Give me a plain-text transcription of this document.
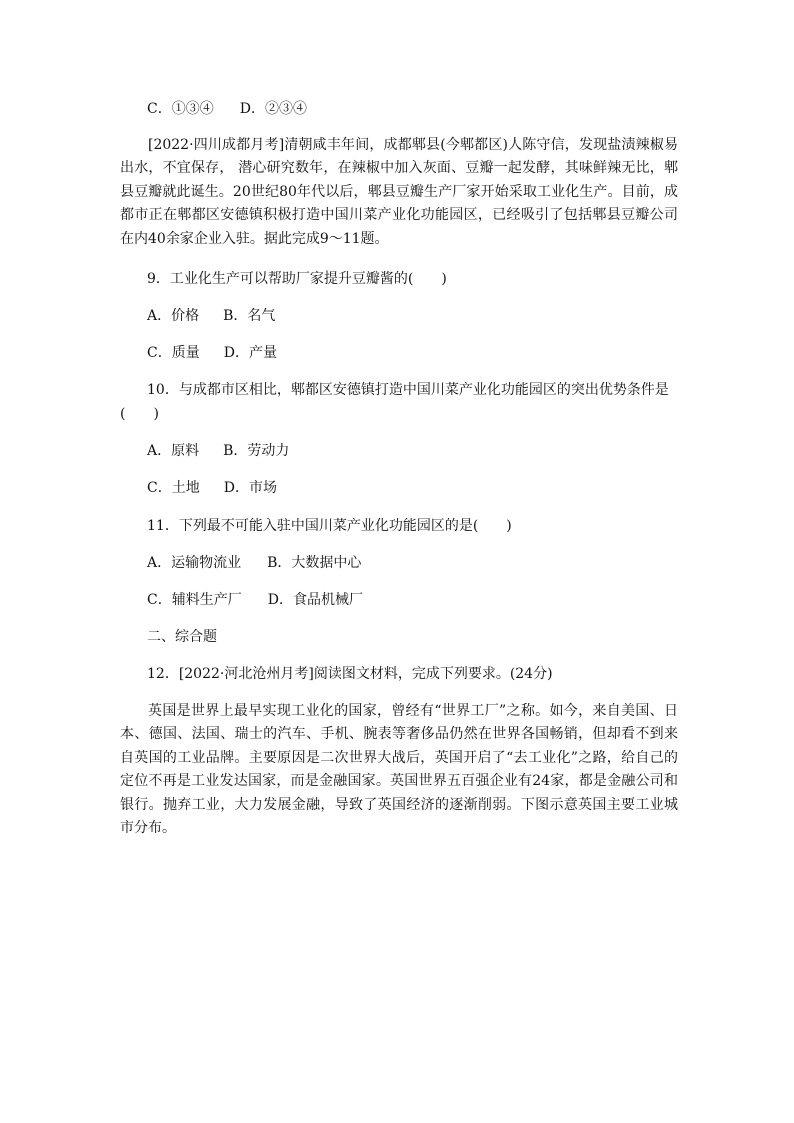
C．①③④ D．②③④
[2022·四川成都月考]清朝咸丰年间，成都郫县(今郫都区)人陈守信，发现盐渍辣椒易出水，不宜保存， 潜心研究数年，在辣椒中加入灰面、豆瓣一起发酵，其味鲜辣无比，郫县豆瓣就此诞生。20世纪80年代以后，郫县豆瓣生产厂家开始采取工业化生产。目前，成都市正在郫都区安德镇积极打造中国川菜产业化功能园区，已经吸引了包括郫县豆瓣公司在内40余家企业入驻。据此完成9～11题。
9．工业化生产可以帮助厂家提升豆瓣酱的(　　)
A．价格 B．名气
C．质量 D．产量
10．与成都市区相比，郫都区安德镇打造中国川菜产业化功能园区的突出优势条件是
(　　)
A．原料 B．劳动力
C．土地 D．市场
11．下列最不可能入驻中国川菜产业化功能园区的是(　　)
A．运输物流业 B．大数据中心
C．辅料生产厂 D．食品机械厂
二、综合题
12．[2022·河北沧州月考]阅读图文材料，完成下列要求。(24分)
英国是世界上最早实现工业化的国家，曾经有“世界工厂”之称。如今，来自美国、日本、德国、法国、瑞士的汽车、手机、腕表等奢侈品仍然在世界各国畅销，但却看不到来自英国的工业品牌。主要原因是二次世界大战后，英国开启了“去工业化”之路，给自己的定位不再是工业发达国家，而是金融国家。英国世界五百强企业有24家，都是金融公司和银行。抛弃工业，大力发展金融，导致了英国经济的逐渐削弱。下图示意英国主要工业城市分布。
